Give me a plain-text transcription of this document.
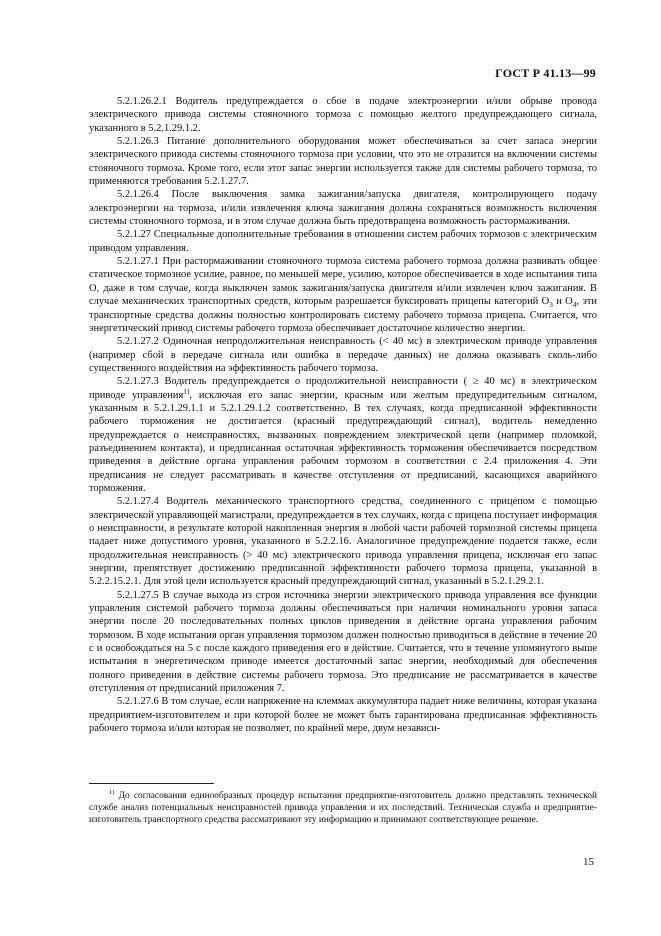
ГОСТ Р 41.13—99

5.2.1.26.2.1 Водитель предупреждается о сбое в подаче электроэнергии и/или обрыве провода электрического привода системы стояночного тормоза с помощью желтого предупреждающего сигнала, указанного в 5.2.1.29.1.2.

5.2.1.26.3 Питание дополнительного оборудования может обеспечиваться за счет запаса энергии электрического привода системы стояночного тормоза при условии, что это не отразится на включении системы стояночного тормоза. Кроме того, если этот запас энергии используется также для системы рабочего тормоза, то применяются требования 5.2.1.27.7.

5.2.1.26.4 После выключения замка зажигания/запуска двигателя, контролирующего подачу электроэнергии на тормоза, и/или извлечения ключа зажигания должна сохраняться возможность включения системы стояночного тормоза, и в этом случае должна быть предотвращена возможность растормаживания.

5.2.1.27 Специальные дополнительные требования в отношении систем рабочих тормозов с электрическим приводом управления.

5.2.1.27.1 При растормаживании стояночного тормоза система рабочего тормоза должна развивать общее статическое тормозное усилие, равное, по меньшей мере, усилию, которое обеспечивается в ходе испытания типа О, даже в том случае, когда выключен замок зажигания/запуска двигателя и/или извлечен ключ зажигания. В случае механических транспортных средств, которым разрешается буксировать прицепы категорий $О_3$ и $О_4$, эти транспортные средства должны полностью контролировать систему рабочего тормоза прицепа. Считается, что энергетический привод системы рабочего тормоза обеспечивает достаточное количество энергии.

5.2.1.27.2 Одиночная непродолжительная неисправность (< 40 мс) в электрическом приводе управления (например сбой в передаче сигнала или ошибка в передаче данных) не должна оказывать сколь-либо существенного воздействия на эффективность рабочего тормоза.

5.2.1.27.3 Водитель предупреждается о продолжительной неисправности ( ≥ 40 мс) в электрическом приводе управления$^{1)}$, исключая его запас энергии, красным или желтым предупредительным сигналом, указанным в 5.2.1.29.1.1 и 5.2.1.29.1.2 соответственно. В тех случаях, когда предписанной эффективности рабочего торможения не достигается (красный предупреждающий сигнал), водитель немедленно предупреждается о неисправностях, вызванных повреждением электрической цепи (например поломкой, разъединением контакта), и предписанная остаточная эффективность торможения обеспечивается посредством приведения в действие органа управления рабочим тормозом в соответствии с 2.4 приложения 4. Эти предписания не следует рассматривать в качестве отступления от предписаний, касающихся аварийного торможения.

5.2.1.27.4 Водитель механического транспортного средства, соединенного с прицепом с помощью электрической управляющей магистрали, предупреждается в тех случаях, когда с прицепа поступает информация о неисправности, в результате которой накопленная энергия в любой части рабочей тормозной системы прицепа падает ниже допустимого уровня, указанного в 5.2.2.16. Аналогичное предупреждение подается также, если продолжительная неисправность (> 40 мс) электрического привода управления прицепа, исключая его запас энергии, препятствует достижению предписанной эффективности рабочего тормоза прицепа, указанной в 5.2.2.15.2.1. Для этой цели используется красный предупреждающий сигнал, указанный в 5.2.1.29.2.1.

5.2.1.27.5 В случае выхода из строя источника энергии электрического привода управления все функции управления системой рабочего тормоза должны обеспечиваться при наличии номинального уровня запаса энергии после 20 последовательных полных циклов приведения в действие органа управления рабочим тормозом. В ходе испытания орган управления тормозом должен полностью приводиться в действие в течение 20 с и освобождаться на 5 с после каждого приведения его в действие. Считается, что в течение упомянутого выше испытания в энергетическом приводе имеется достаточный запас энергии, необходимый для обеспечения полного приведения в действие системы рабочего тормоза. Это предписание не рассматривается в качестве отступления от предписаний приложения 7.

5.2.1.27.6 В том случае, если напряжение на клеммах аккумулятора падает ниже величины, которая указана предприятием-изготовителем и при которой более не может быть гарантирована предписанная эффективность рабочего тормоза и/или которая не позволяет, по крайней мере, двум независи-

$^{1)}$ До согласования единообразных процедур испытания предприятие-изготовитель должно представлять технической службе анализ потенциальных неисправностей привода управления и их последствий. Техническая служба и предприятие-изготовитель транспортного средства рассматривают эту информацию и принимают соответствующее решение.

15
